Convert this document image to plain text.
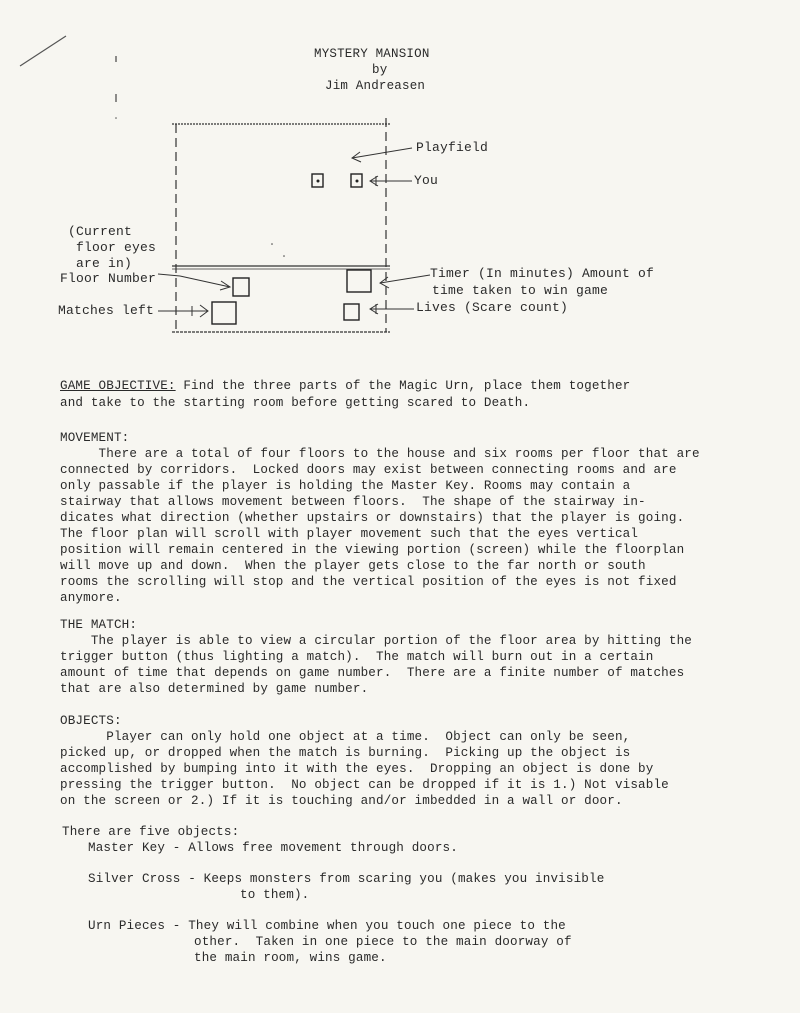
MYSTERY MANSION
by
Jim Andreasen
Playfield
You
(Current
floor eyes
are in)
Floor Number
Matches left
Timer (In minutes) Amount of
time taken to win game
Lives (Scare count)
GAME OBJECTIVE: Find the three parts of the Magic Urn, place them together
and take to the starting room before getting scared to Death.
MOVEMENT:
There are a total of four floors to the house and six rooms per floor that are
connected by corridors.  Locked doors may exist between connecting rooms and are
only passable if the player is holding the Master Key. Rooms may contain a
stairway that allows movement between floors.  The shape of the stairway in-
dicates what direction (whether upstairs or downstairs) that the player is going.
The floor plan will scroll with player movement such that the eyes vertical
position will remain centered in the viewing portion (screen) while the floorplan
will move up and down.  When the player gets close to the far north or south
rooms the scrolling will stop and the vertical position of the eyes is not fixed
anymore.
THE MATCH:
The player is able to view a circular portion of the floor area by hitting the
trigger button (thus lighting a match).  The match will burn out in a certain
amount of time that depends on game number.  There are a finite number of matches
that are also determined by game number.
OBJECTS:
Player can only hold one object at a time.  Object can only be seen,
picked up, or dropped when the match is burning.  Picking up the object is
accomplished by bumping into it with the eyes.  Dropping an object is done by
pressing the trigger button.  No object can be dropped if it is 1.) Not visable
on the screen or 2.) If it is touching and/or imbedded in a wall or door.
There are five objects:
Master Key - Allows free movement through doors.
Silver Cross - Keeps monsters from scaring you (makes you invisible
to them).
Urn Pieces - They will combine when you touch one piece to the
other.  Taken in one piece to the main doorway of
the main room, wins game.
